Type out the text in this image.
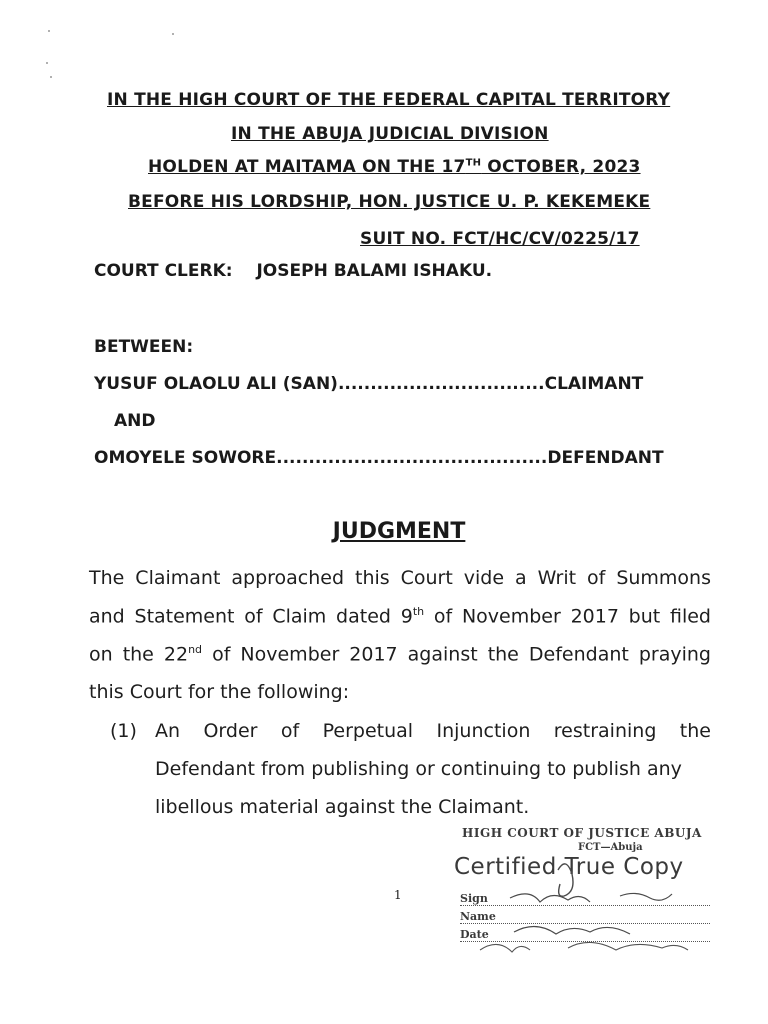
IN THE HIGH COURT OF THE FEDERAL CAPITAL TERRITORY
IN THE ABUJA JUDICIAL DIVISION
HOLDEN AT MAITAMA ON THE 17TH OCTOBER, 2023
BEFORE HIS LORDSHIP, HON. JUSTICE U. P. KEKEMEKE
SUIT NO. FCT/HC/CV/0225/17
COURT CLERK: JOSEPH BALAMI ISHAKU.
BETWEEN:
YUSUF OLAOLU ALI (SAN)................................CLAIMANT
AND
OMOYELE SOWORE..........................................DEFENDANT
JUDGMENT
The Claimant approached this Court vide a Writ of Summons
and Statement of Claim dated 9th of November 2017 but filed
on the 22nd of November 2017 against the Defendant praying
this Court for the following:
(1) An Order of Perpetual Injunction restraining the
Defendant from publishing or continuing to publish any
libellous material against the Claimant.
1
HIGH COURT OF JUSTICE ABUJA
FCT—Abuja
Certified True Copy
Sign
Name
Date
